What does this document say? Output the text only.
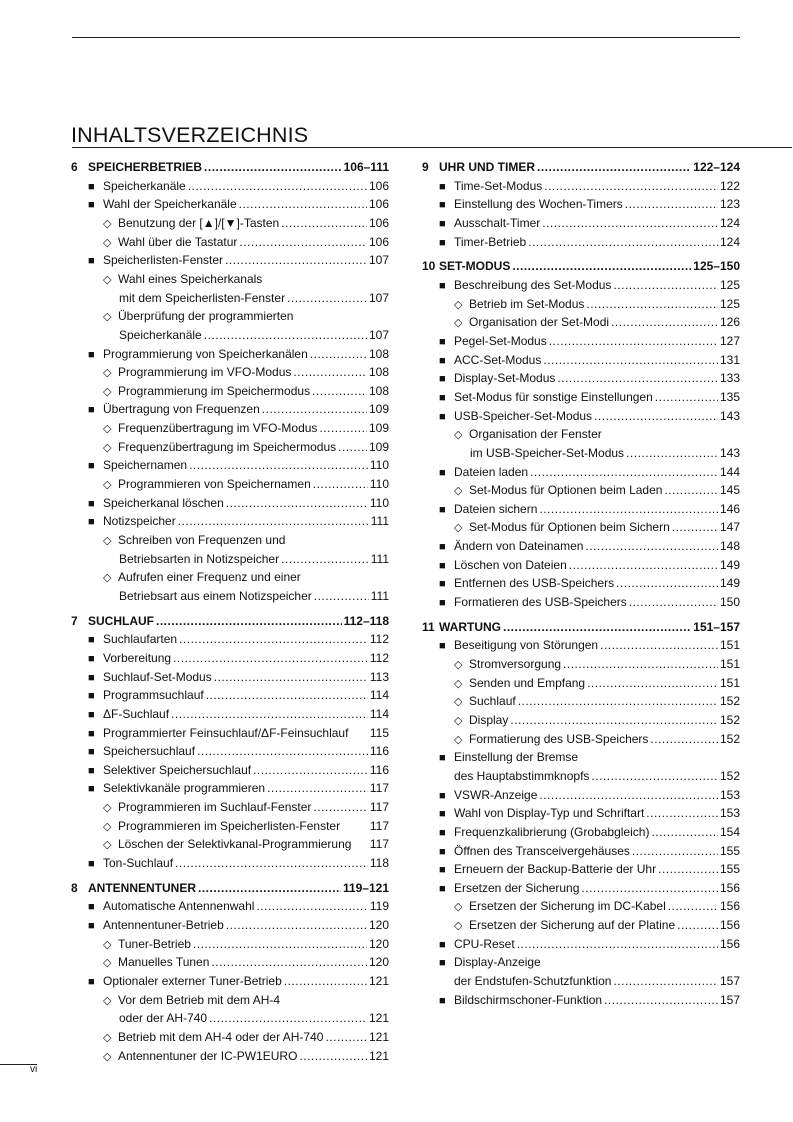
INHALTSVERZEICHNIS
6 SPEICHERBETRIEB .....	106–111
■ Speicherkanäle .....	106
■ Wahl der Speicherkanäle .....	106
◇ Benutzung der [▲]/[▼]-Tasten .....	106
◇ Wahl über die Tastatur .....	106
■ Speicherlisten-Fenster .....	107
◇ Wahl eines Speicherkanals
mit dem Speicherlisten-Fenster .....	107
◇ Überprüfung der programmierten
Speicherkanäle .....	107
■ Programmierung von Speicherkanälen .....	108
◇ Programmierung im VFO-Modus .....	108
◇ Programmierung im Speichermodus .....	108
■ Übertragung von Frequenzen .....	109
◇ Frequenzübertragung im VFO-Modus .....	109
◇ Frequenzübertragung im Speichermodus .....	109
■ Speichernamen .....	110
◇ Programmieren von Speichernamen .....	110
■ Speicherkanal löschen .....	110
■ Notizspeicher .....	111
◇ Schreiben von Frequenzen und
Betriebsarten in Notizspeicher .....	111
◇ Aufrufen einer Frequenz und einer
Betriebsart aus einem Notizspeicher .....	111
7 SUCHLAUF .....	112–118
■ Suchlaufarten .....	112
■ Vorbereitung .....	112
■ Suchlauf-Set-Modus .....	113
■ Programmsuchlauf .....	114
■ ΔF-Suchlauf .....	114
■ Programmierter Feinsuchlauf/ΔF-Feinsuchlauf 115
■ Speichersuchlauf .....	116
■ Selektiver Speichersuchlauf .....	116
■ Selektivkanäle programmieren .....	117
◇ Programmieren im Suchlauf-Fenster .....	117
◇ Programmieren im Speicherlisten-Fenster 117
◇ Löschen der Selektivkanal-Programmierung 117
■ Ton-Suchlauf .....	118
8 ANTENNENTUNER .....	119–121
■ Automatische Antennenwahl .....	119
■ Antennentuner-Betrieb .....	120
◇ Tuner-Betrieb .....	120
◇ Manuelles Tunen .....	120
■ Optionaler externer Tuner-Betrieb .....	121
◇ Vor dem Betrieb mit dem AH-4
oder der AH-740 .....	121
◇ Betrieb mit dem AH-4 oder der AH-740 .....	121
◇ Antennentuner der IC-PW1EURO .....	121
9 UHR UND TIMER .....	122–124
■ Time-Set-Modus .....	122
■ Einstellung des Wochen-Timers .....	123
■ Ausschalt-Timer .....	124
■ Timer-Betrieb .....	124
10 SET-MODUS .....	125–150
■ Beschreibung des Set-Modus .....	125
◇ Betrieb im Set-Modus .....	125
◇ Organisation der Set-Modi .....	126
■ Pegel-Set-Modus .....	127
■ ACC-Set-Modus .....	131
■ Display-Set-Modus .....	133
■ Set-Modus für sonstige Einstellungen .....	135
■ USB-Speicher-Set-Modus .....	143
◇ Organisation der Fenster
im USB-Speicher-Set-Modus .....	143
■ Dateien laden .....	144
◇ Set-Modus für Optionen beim Laden .....	145
■ Dateien sichern .....	146
◇ Set-Modus für Optionen beim Sichern .....	147
■ Ändern von Dateinamen .....	148
■ Löschen von Dateien .....	149
■ Entfernen des USB-Speichers .....	149
■ Formatieren des USB-Speichers .....	150
11 WARTUNG .....	151–157
■ Beseitigung von Störungen .....	151
◇ Stromversorgung .....	151
◇ Senden und Empfang .....	151
◇ Suchlauf .....	152
◇ Display .....	152
◇ Formatierung des USB-Speichers .....	152
■ Einstellung der Bremse
des Hauptabstimmknopfs .....	152
■ VSWR-Anzeige .....	153
■ Wahl von Display-Typ und Schriftart .....	153
■ Frequenzkalibrierung (Grobabgleich) .....	154
■ Öffnen des Transceivergehäuses .....	155
■ Erneuern der Backup-Batterie der Uhr .....	155
■ Ersetzen der Sicherung .....	156
◇ Ersetzen der Sicherung im DC-Kabel .....	156
◇ Ersetzen der Sicherung auf der Platine .....	156
■ CPU-Reset .....	156
■ Display-Anzeige
der Endstufen-Schutzfunktion .....	157
■ Bildschirmschoner-Funktion .....	157
vi
